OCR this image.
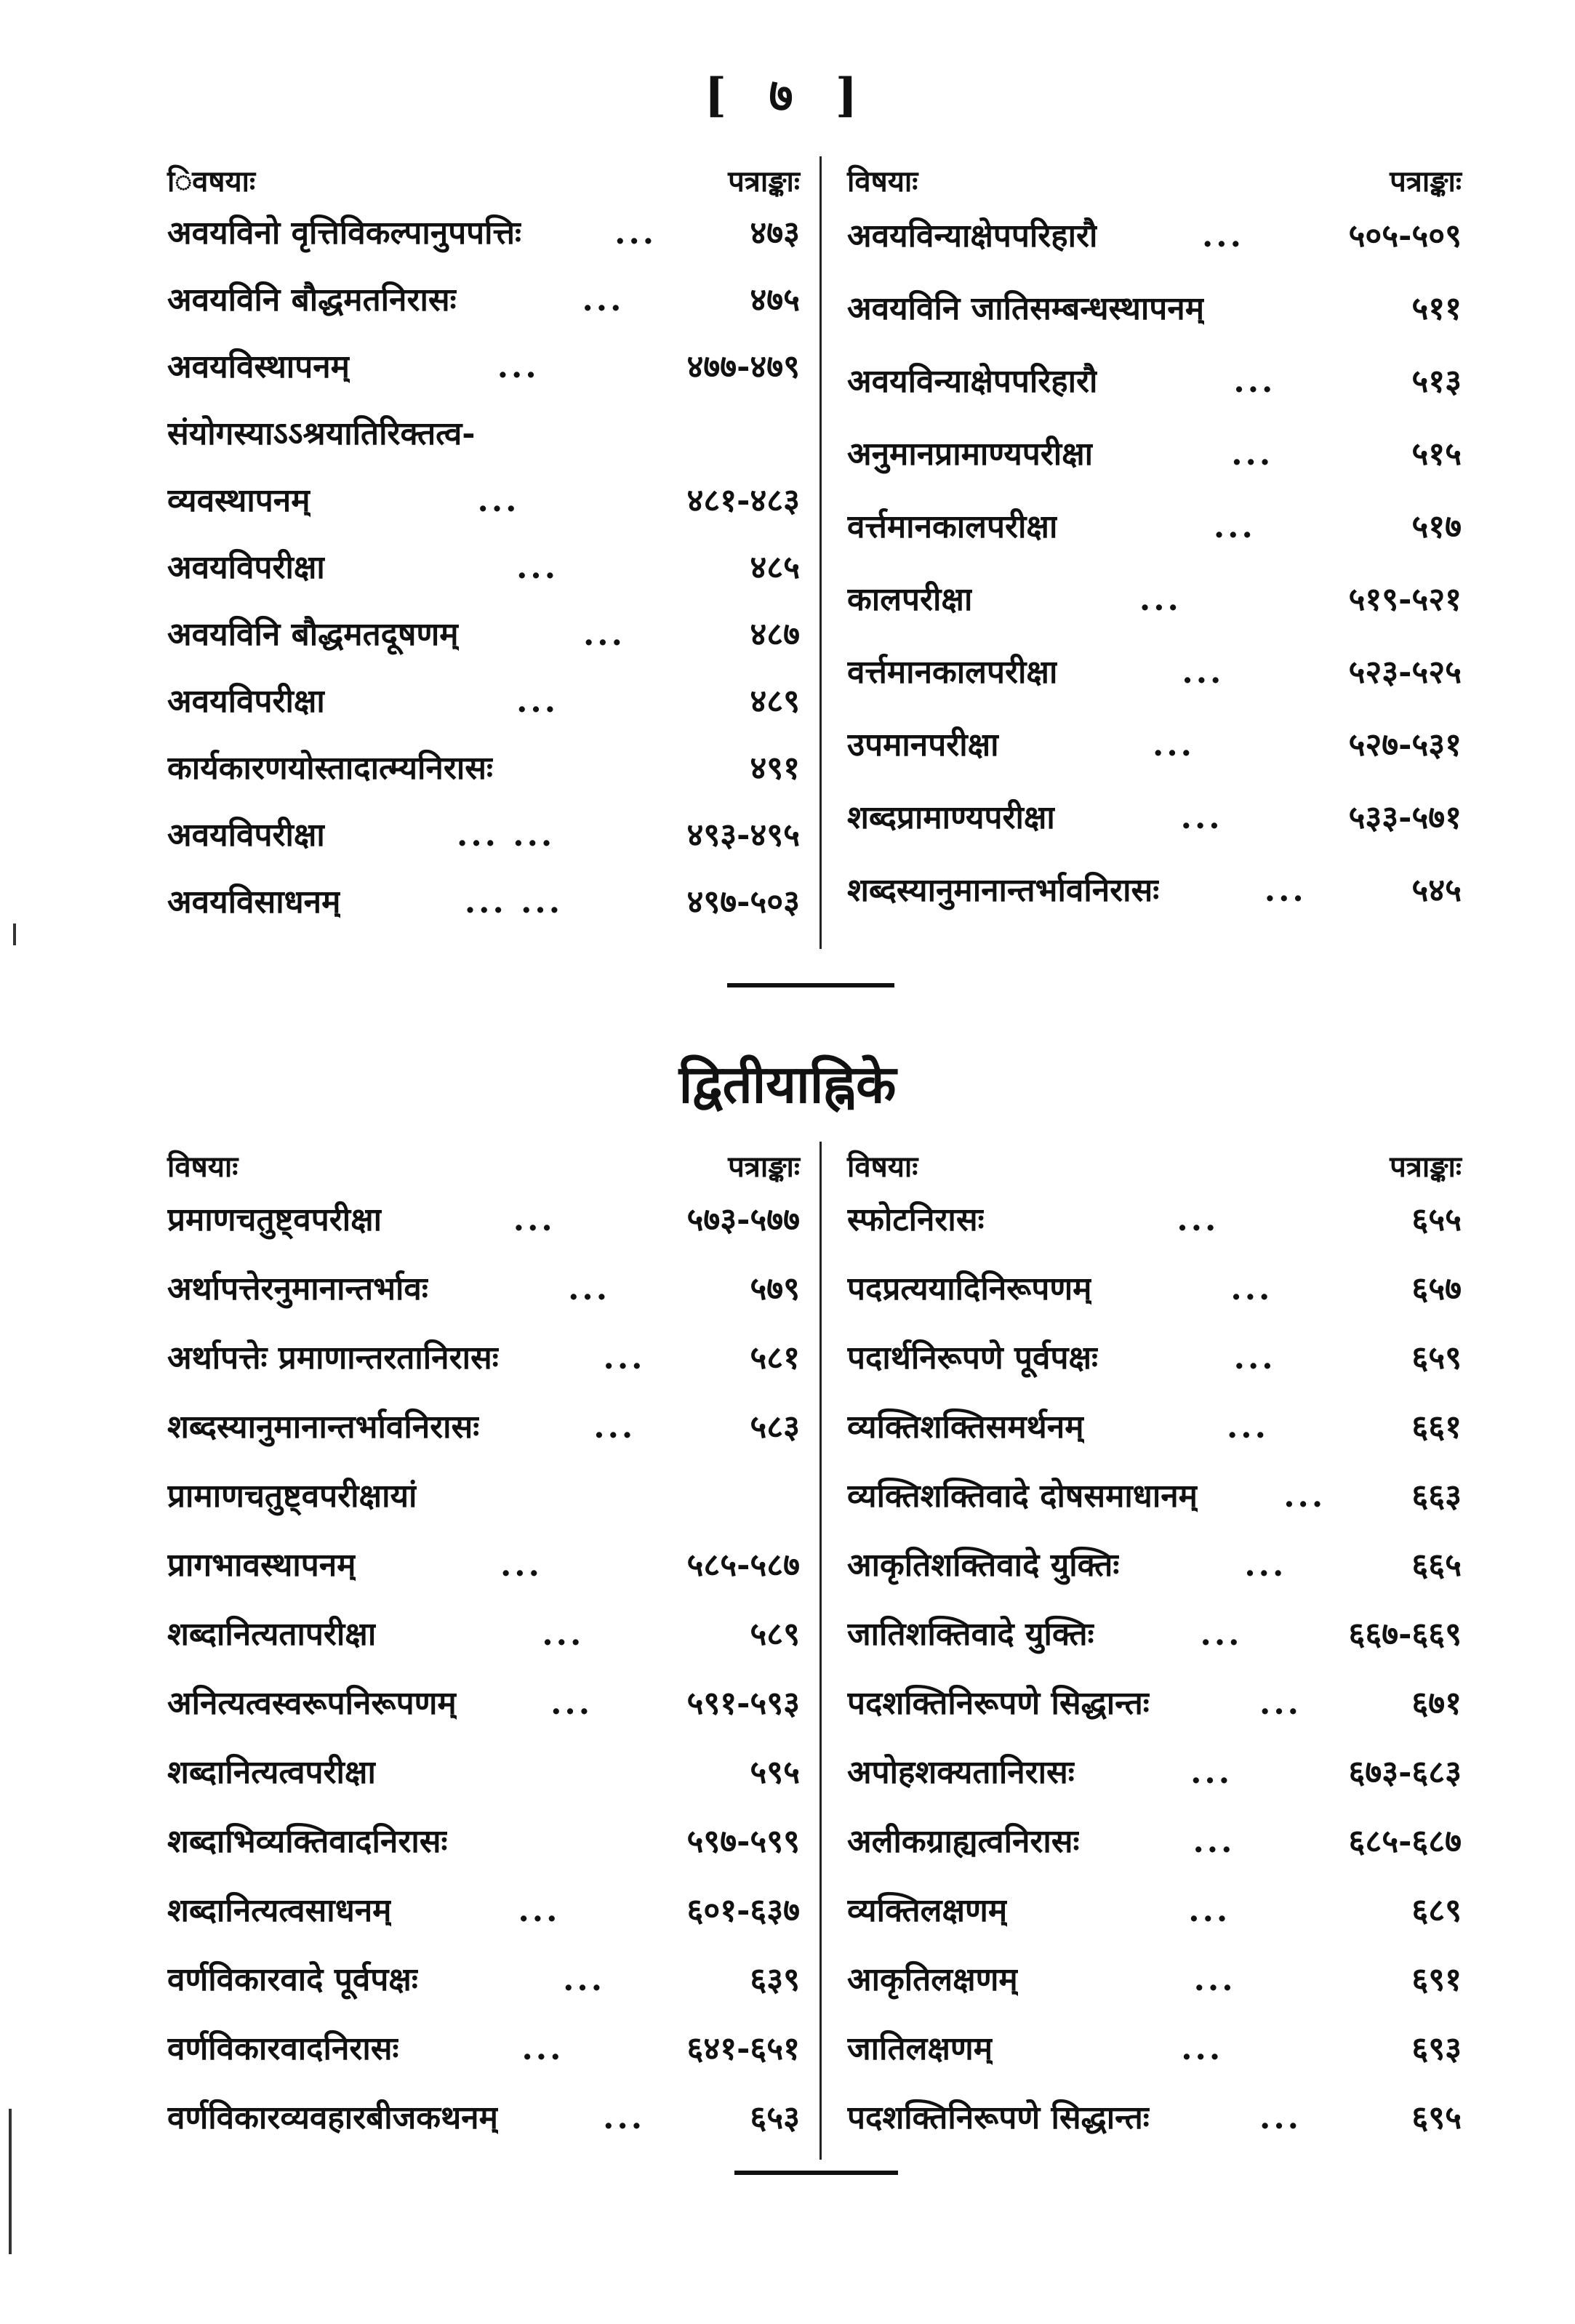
[ ७ ]
िवषयाः	पत्राङ्काः
अवयविनो वृत्तिविकल्पानुपपत्तिः	...	४७३
अवयविनि बौद्धमतनिरासः	...	४७५
अवयविस्थापनम्	...	४७७-४७९
संयोगस्याऽऽश्रयातिरिक्तत्व-
व्यवस्थापनम्	...	४८१-४८३
अवयविपरीक्षा	...	४८५
अवयविनि बौद्धमतदूषणम्	...	४८७
अवयविपरीक्षा	...	४८९
कार्यकारणयोस्तादात्म्यनिरासः	४९१
अवयविपरीक्षा	... ...	४९३-४९५
अवयविसाधनम्	... ...	४९७-५०३
विषयाः	पत्राङ्काः
अवयविन्याक्षेपपरिहारौ	...	५०५-५०९
अवयविनि जातिसम्बन्धस्थापनम्	५११
अवयविन्याक्षेपपरिहारौ	...	५१३
अनुमानप्रामाण्यपरीक्षा	...	५१५
वर्त्तमानकालपरीक्षा	...	५१७
कालपरीक्षा	...	५१९-५२१
वर्त्तमानकालपरीक्षा	...	५२३-५२५
उपमानपरीक्षा	...	५२७-५३१
शब्दप्रामाण्यपरीक्षा	...	५३३-५७१
शब्दस्यानुमानान्तर्भावनिरासः	...	५४५
द्वितीयाह्निके
विषयाः	पत्राङ्काः
प्रमाणचतुष्ट्वपरीक्षा	...	५७३-५७७
अर्थापत्तेरनुमानान्तर्भावः	...	५७९
अर्थापत्तेः प्रमाणान्तरतानिरासः	...	५८१
शब्दस्यानुमानान्तर्भावनिरासः	...	५८३
प्रामाणचतुष्ट्वपरीक्षायां
प्रागभावस्थापनम्	...	५८५-५८७
शब्दानित्यतापरीक्षा	...	५८९
अनित्यत्वस्वरूपनिरूपणम्	...	५९१-५९३
शब्दानित्यत्वपरीक्षा	५९५
शब्दाभिव्यक्तिवादनिरासः	५९७-५९९
शब्दानित्यत्वसाधनम्	...	६०१-६३७
वर्णविकारवादे पूर्वपक्षः	...	६३९
वर्णविकारवादनिरासः	...	६४१-६५१
वर्णविकारव्यवहारबीजकथनम्	...	६५३
विषयाः	पत्राङ्काः
स्फोटनिरासः	...	६५५
पदप्रत्ययादिनिरूपणम्	...	६५७
पदार्थनिरूपणे पूर्वपक्षः	...	६५९
व्यक्तिशक्तिसमर्थनम्	...	६६१
व्यक्तिशक्तिवादे दोषसमाधानम्	...	६६३
आकृतिशक्तिवादे युक्तिः	...	६६५
जातिशक्तिवादे युक्तिः	...	६६७-६६९
पदशक्तिनिरूपणे सिद्धान्तः	...	६७१
अपोहशक्यतानिरासः	...	६७३-६८३
अलीकग्राह्यत्वनिरासः	...	६८५-६८७
व्यक्तिलक्षणम्	...	६८९
आकृतिलक्षणम्	...	६९१
जातिलक्षणम्	...	६९३
पदशक्तिनिरूपणे सिद्धान्तः	...	६९५
